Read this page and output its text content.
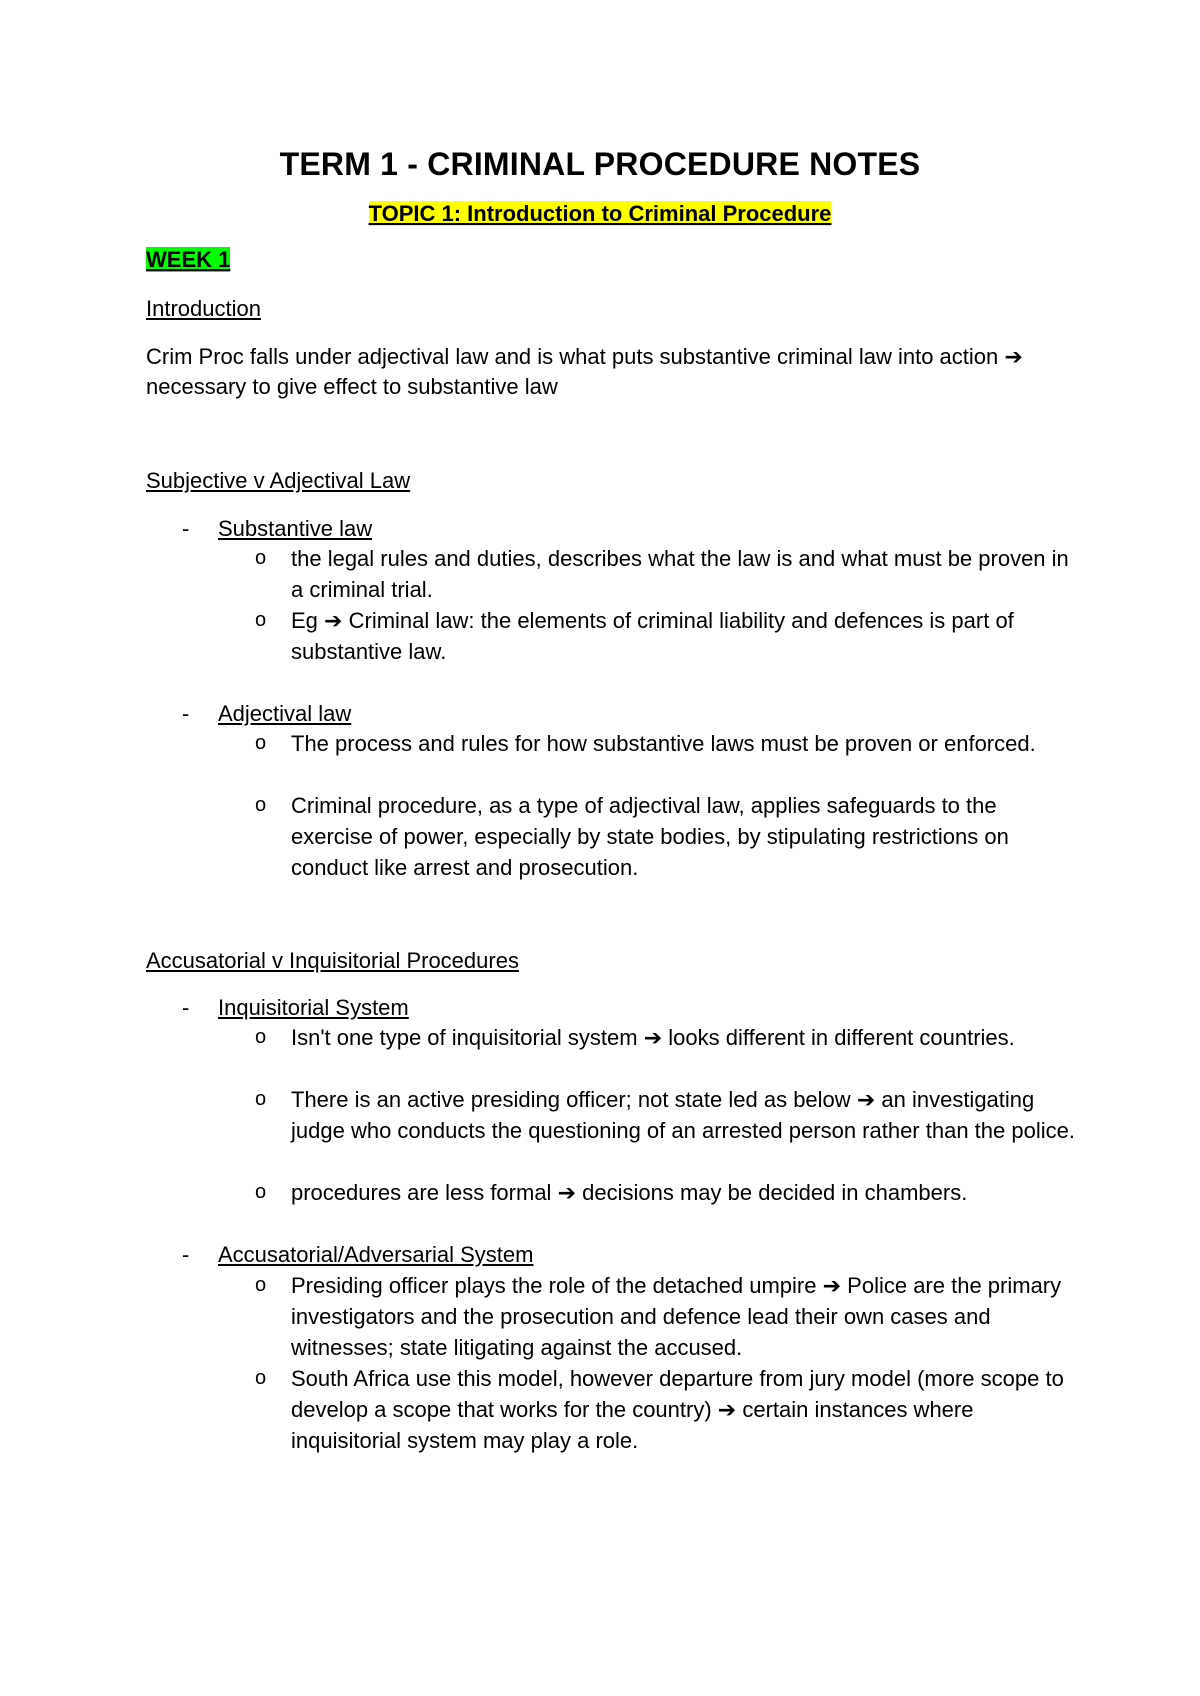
TERM 1 - CRIMINAL PROCEDURE NOTES
TOPIC 1: Introduction to Criminal Procedure
WEEK 1
Introduction
Crim Proc falls under adjectival law and is what puts substantive criminal law into action ➔ necessary to give effect to substantive law
Subjective v Adjectival Law
-	Substantive law
o the legal rules and duties, describes what the law is and what must be proven in a criminal trial.
o Eg ➔ Criminal law: the elements of criminal liability and defences is part of substantive law.
-	Adjectival law
o The process and rules for how substantive laws must be proven or enforced.
o Criminal procedure, as a type of adjectival law, applies safeguards to the exercise of power, especially by state bodies, by stipulating restrictions on conduct like arrest and prosecution.
Accusatorial v Inquisitorial Procedures
-	Inquisitorial System
o Isn't one type of inquisitorial system ➔ looks different in different countries.
o There is an active presiding officer; not state led as below ➔ an investigating judge who conducts the questioning of an arrested person rather than the police.
o procedures are less formal ➔ decisions may be decided in chambers.
-	Accusatorial/Adversarial System
o Presiding officer plays the role of the detached umpire ➔ Police are the primary investigators and the prosecution and defence lead their own cases and witnesses; state litigating against the accused.
o South Africa use this model, however departure from jury model (more scope to develop a scope that works for the country) ➔ certain instances where inquisitorial system may play a role.
